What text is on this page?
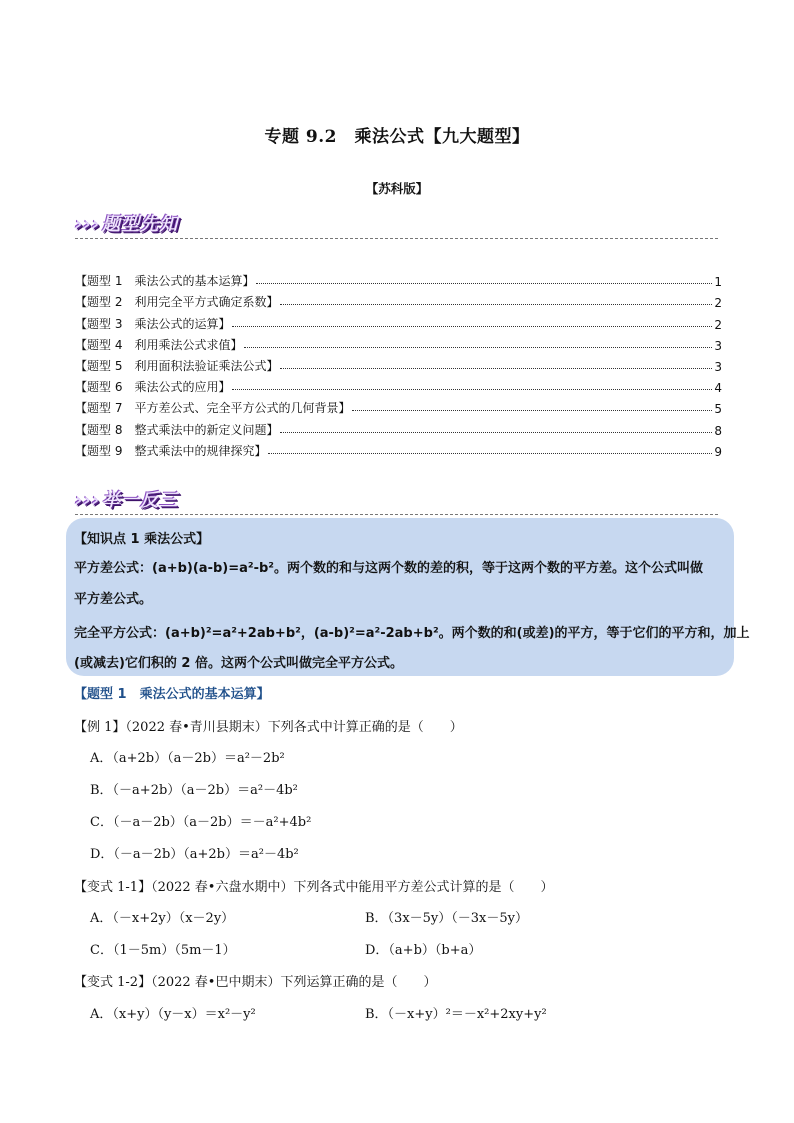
专题 9.2　乘法公式【九大题型】
【苏科版】
››› 题型先知
【题型 1　乘法公式的基本运算】	1
【题型 2　利用完全平方式确定系数】	2
【题型 3　乘法公式的运算】	2
【题型 4　利用乘法公式求值】	3
【题型 5　利用面积法验证乘法公式】	3
【题型 6　乘法公式的应用】	4
【题型 7　平方差公式、完全平方公式的几何背景】	5
【题型 8　整式乘法中的新定义问题】	8
【题型 9　整式乘法中的规律探究】	9
››› 举一反三
【知识点 1 乘法公式】
平方差公式：(a+b)(a-b)=a²-b²。两个数的和与这两个数的差的积，等于这两个数的平方差。这个公式叫做
平方差公式。
完全平方公式：(a+b)²=a²+2ab+b²，(a-b)²=a²-2ab+b²。两个数的和(或差)的平方，等于它们的平方和，加上
(或减去)它们积的 2 倍。这两个公式叫做完全平方公式。
【题型 1　乘法公式的基本运算】
【例 1】（2022 春•青川县期末）下列各式中计算正确的是（　　）
A．（a+2b）（a－2b）＝a²－2b²
B．（－a+2b）（a－2b）＝a²－4b²
C．（－a－2b）（a－2b）＝－a²+4b²
D．（－a－2b）（a+2b）＝a²－4b²
【变式 1-1】（2022 春•六盘水期中）下列各式中能用平方差公式计算的是（　　）
A．（－x+2y）（x－2y）	B．（3x－5y）（－3x－5y）
C．（1－5m）（5m－1）	D．（a+b）（b+a）
【变式 1-2】（2022 春•巴中期末）下列运算正确的是（　　）
A．（x+y）（y－x）＝x²－y²	B．（－x+y）²＝－x²+2xy+y²
